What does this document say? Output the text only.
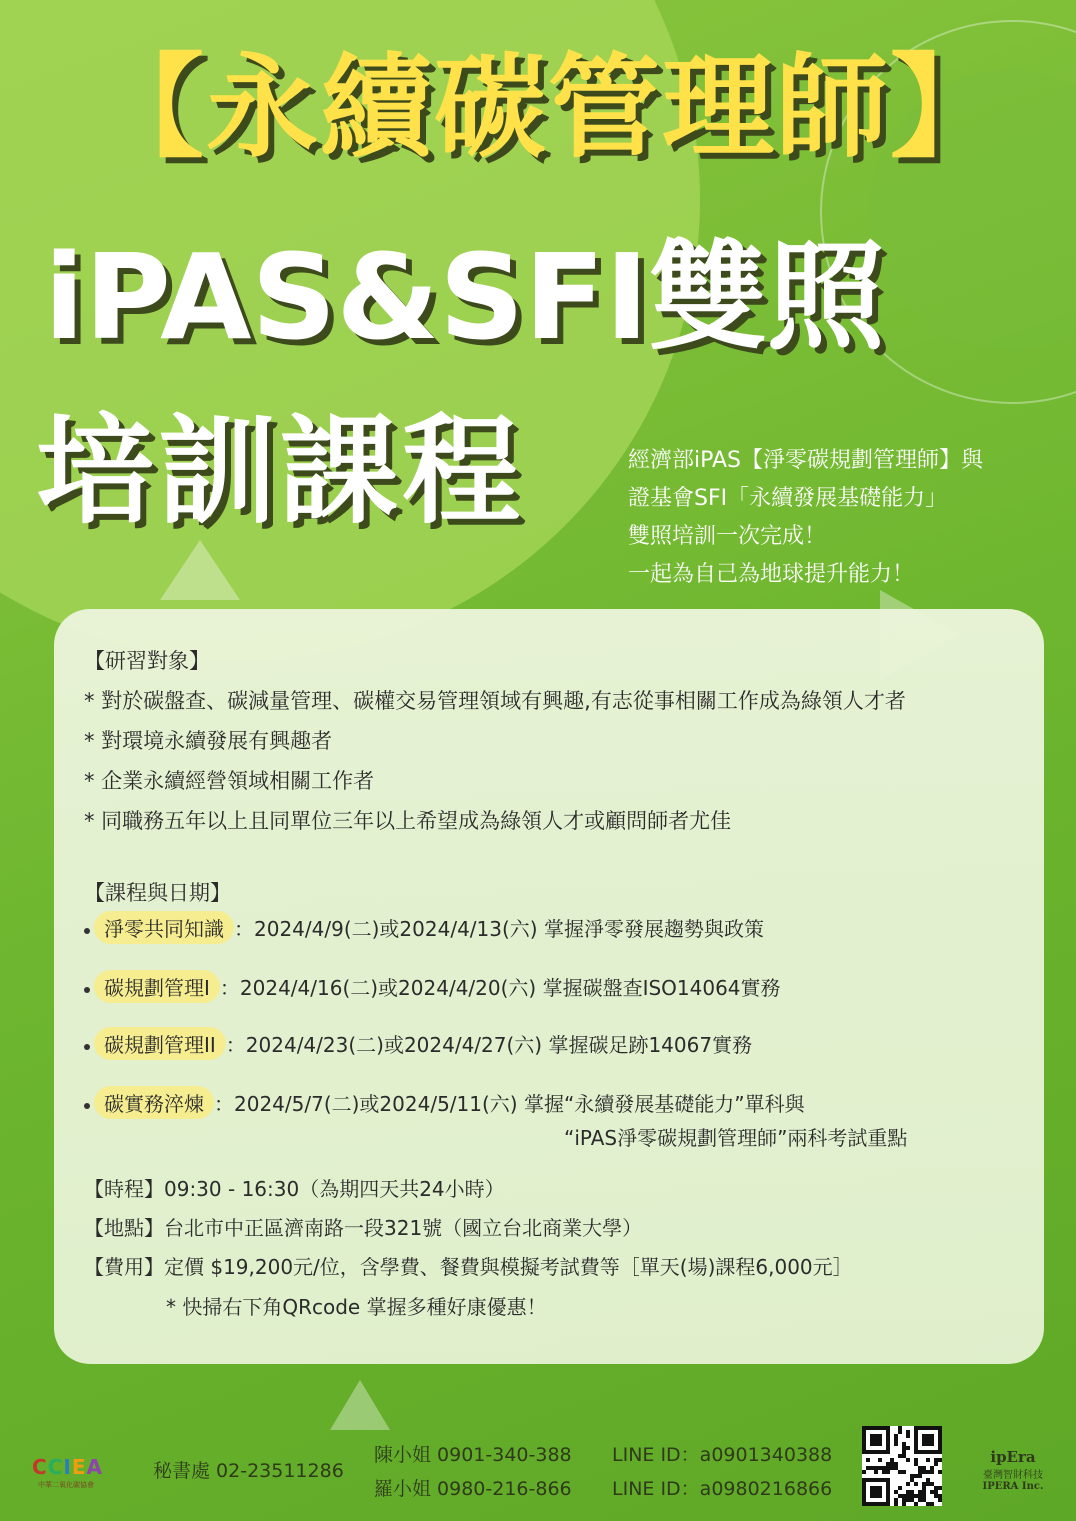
【永續碳管理師】
iPAS&SFI雙照
培訓課程	經濟部iPAS【淨零碳規劃管理師】與
證基會SFI「永續發展基礎能力」
雙照培訓一次完成！
一起為自己為地球提升能力！
【研習對象】
* 對於碳盤查、碳減量管理、碳權交易管理領域有興趣,有志從事相關工作成為綠領人才者
* 對環境永續發展有興趣者
* 企業永續經營領域相關工作者
* 同職務五年以上且同單位三年以上希望成為綠領人才或顧問師者尤佳
【課程與日期】
淨零共同知識 ：2024/4/9(二)或2024/4/13(六) 掌握淨零發展趨勢與政策
碳規劃管理I ：2024/4/16(二)或2024/4/20(六) 掌握碳盤查ISO14064實務
碳規劃管理II ：2024/4/23(二)或2024/4/27(六) 掌握碳足跡14067實務
碳實務淬煉 ：2024/5/7(二)或2024/5/11(六) 掌握“永續發展基礎能力”單科與
“iPAS淨零碳規劃管理師”兩科考試重點
【時程】09:30 - 16:30（為期四天共24小時）
【地點】台北市中正區濟南路一段321號（國立台北商業大學）
【費用】定價 $19,200元/位，含學費、餐費與模擬考試費等［單天(場)課程6,000元］
* 快掃右下角QRcode 掌握多種好康優惠！
CCIEA
中華二氧化碳協會
秘書處 02-23511286
陳小姐 0901-340-388
羅小姐 0980-216-866
LINE ID：a0901340388
LINE ID：a0980216866
ipEra
臺灣智財科技
IPERA Inc.
